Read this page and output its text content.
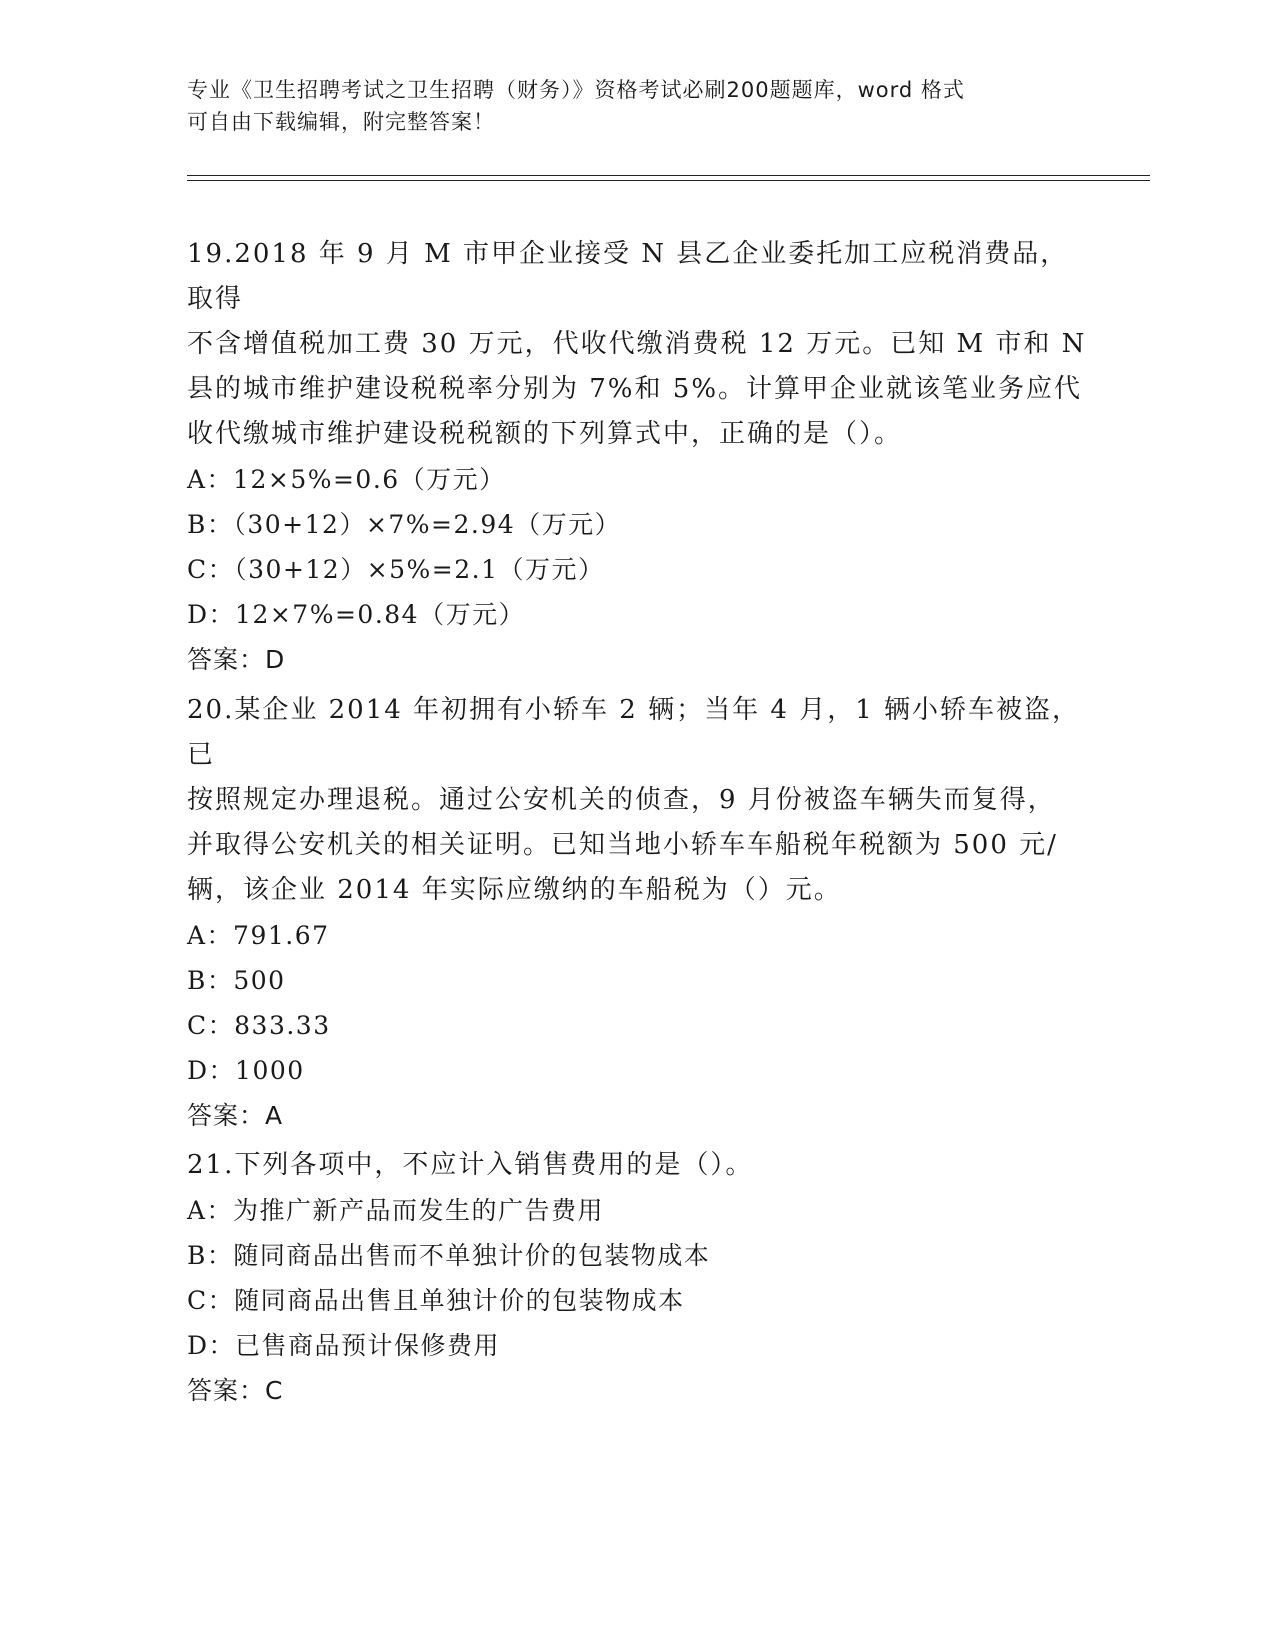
专业《卫生招聘考试之卫生招聘（财务）》资格考试必刷200题题库，word 格式
可自由下载编辑，附完整答案！

19.2018 年 9 月 M 市甲企业接受 N 县乙企业委托加工应税消费品，取得

不含增值税加工费 30 万元，代收代缴消费税 12 万元。已知 M 市和 N

县的城市维护建设税税率分别为 7%和 5%。计算甲企业就该笔业务应代

收代缴城市维护建设税税额的下列算式中，正确的是（）。

A：12×5%=0.6（万元）

B：（30+12）×7%=2.94（万元）

C：（30+12）×5%=2.1（万元）

D：12×7%=0.84（万元）

答案：D

20.某企业 2014 年初拥有小轿车 2 辆；当年 4 月，1 辆小轿车被盗，已

按照规定办理退税。通过公安机关的侦查，9 月份被盗车辆失而复得，

并取得公安机关的相关证明。已知当地小轿车车船税年税额为 500 元/

辆，该企业 2014 年实际应缴纳的车船税为（）元。

A：791.67

B：500

C：833.33

D：1000

答案：A

21.下列各项中，不应计入销售费用的是（）。

A：为推广新产品而发生的广告费用

B：随同商品出售而不单独计价的包装物成本

C：随同商品出售且单独计价的包装物成本

D：已售商品预计保修费用

答案：C
